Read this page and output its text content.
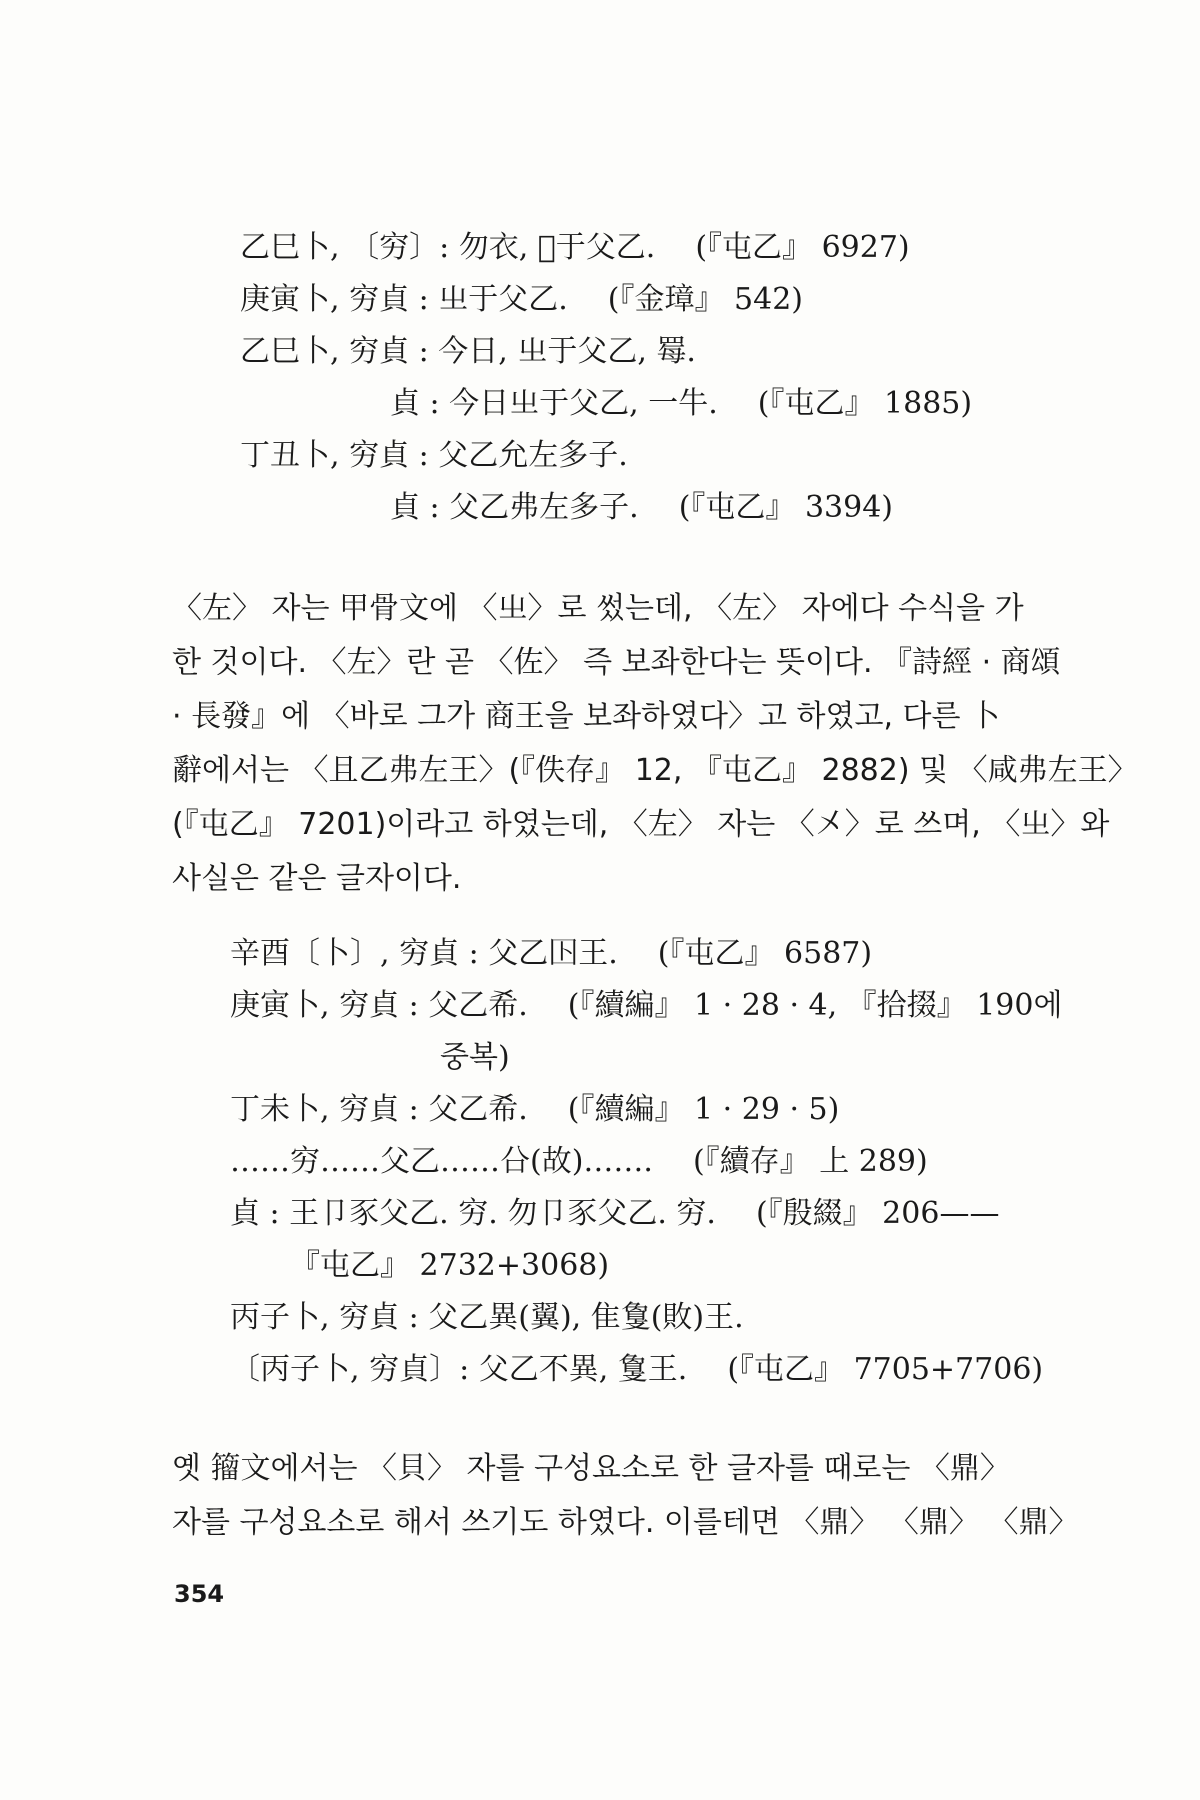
乙巳卜, 〔穷〕: 勿衣, 𨠃于父乙. (『屯乙』 6927)
庚寅卜, 穷貞 : 㞢于父乙. (『金璋』 542)
乙巳卜, 穷貞 : 今日, 㞢于父乙, 䍙.
貞 : 今日㞢于父乙, 一牛. (『屯乙』 1885)
丁丑卜, 穷貞 : 父乙允左多子.
貞 : 父乙弗左多子. (『屯乙』 3394)
〈左〉 자는 甲骨文에 〈㞢〉로 썼는데, 〈左〉 자에다 수식을 가
한 것이다. 〈左〉란 곧 〈佐〉 즉 보좌한다는 뜻이다. 『詩經 · 商頌
· 長發』에 〈바로 그가 商王을 보좌하였다〉고 하였고, 다른 卜
辭에서는 〈且乙弗左王〉(『佚存』 12, 『屯乙』 2882) 및 〈咸弗左王〉
(『屯乙』 7201)이라고 하였는데, 〈左〉 자는 〈㐅〉로 쓰며, 〈㞢〉와
사실은 같은 글자이다.
辛酉〔卜〕, 穷貞 : 父乙𡆥王. (『屯乙』 6587)
庚寅卜, 穷貞 : 父乙希. (『續編』 1 · 28 · 4, 『拾掇』 190에
중복)
丁未卜, 穷貞 : 父乙希. (『續編』 1 · 29 · 5)
……穷……父乙……㕣(故)……. (『續存』 上 289)
貞 : 王卩豕父乙. 穷. 勿卩豕父乙. 穷. (『殷綴』 206——
『屯乙』 2732+3068)
丙子卜, 穷貞 : 父乙異(翼), 隹𢿌(敗)王.
〔丙子卜, 穷貞〕: 父乙不異, 𢿌王. (『屯乙』 7705+7706)
옛 籀文에서는 〈貝〉 자를 구성요소로 한 글자를 때로는 〈鼎〉
자를 구성요소로 해서 쓰기도 하였다. 이를테면 〈鼎〉 〈鼎〉 〈鼎〉
354
